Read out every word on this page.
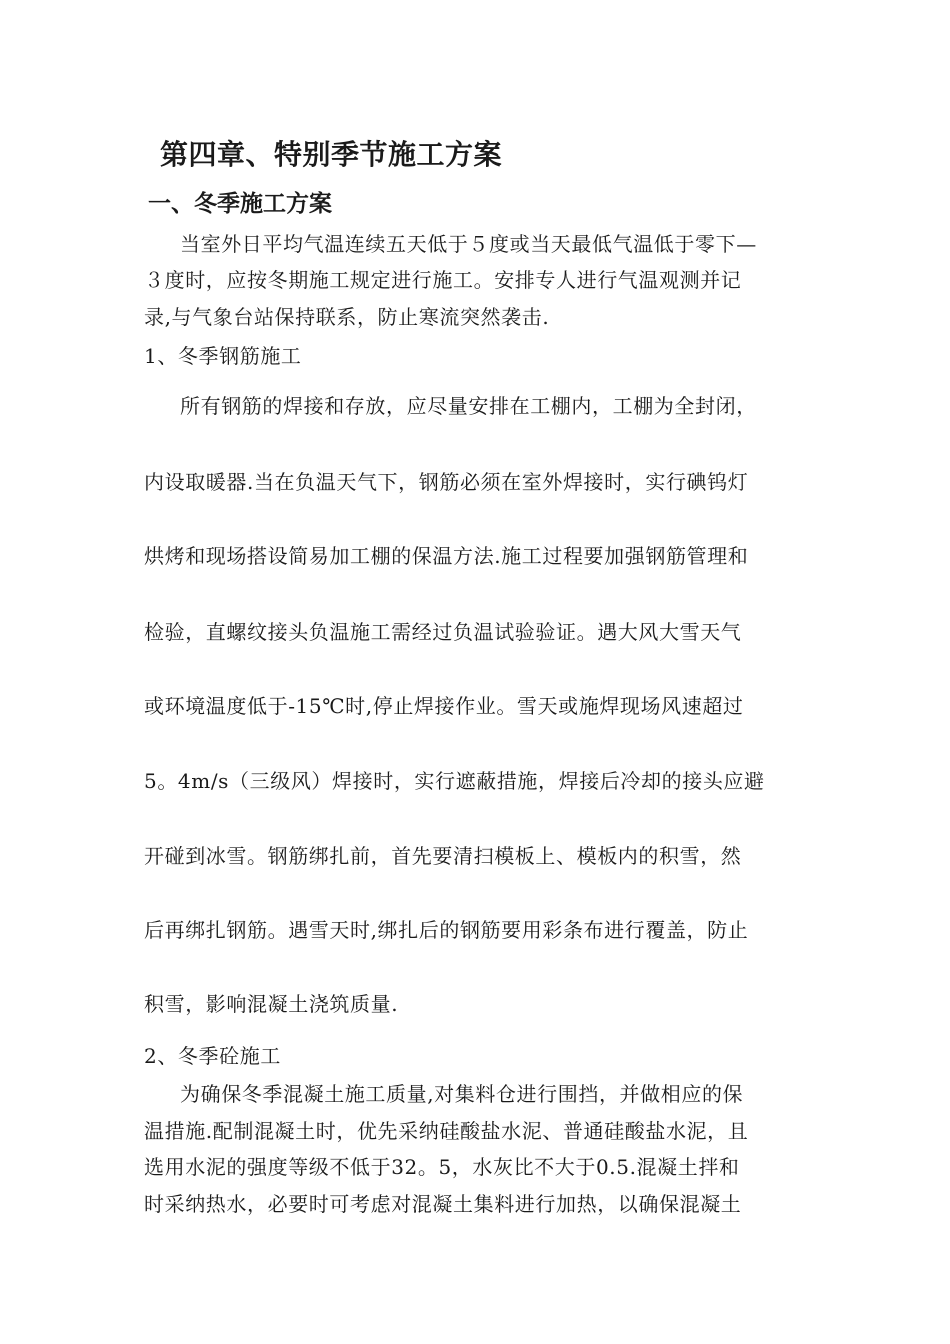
第四章、特别季节施工方案
一、冬季施工方案
当室外日平均气温连续五天低于５度或当天最低气温低于零下—
３度时，应按冬期施工规定进行施工。安排专人进行气温观测并记
录,与气象台站保持联系，防止寒流突然袭击.
1、冬季钢筋施工
所有钢筋的焊接和存放，应尽量安排在工棚内，工棚为全封闭，
内设取暖器.当在负温天气下，钢筋必须在室外焊接时，实行碘钨灯
烘烤和现场搭设简易加工棚的保温方法.施工过程要加强钢筋管理和
检验，直螺纹接头负温施工需经过负温试验验证。遇大风大雪天气
或环境温度低于-15℃时,停止焊接作业。雪天或施焊现场风速超过
5。4m/s（三级风）焊接时，实行遮蔽措施，焊接后冷却的接头应避
开碰到冰雪。钢筋绑扎前，首先要清扫模板上、模板内的积雪，然
后再绑扎钢筋。遇雪天时,绑扎后的钢筋要用彩条布进行覆盖，防止
积雪，影响混凝土浇筑质量.
2、冬季砼施工
为确保冬季混凝土施工质量,对集料仓进行围挡，并做相应的保
温措施.配制混凝土时，优先采纳硅酸盐水泥、普通硅酸盐水泥，且
选用水泥的强度等级不低于32。5，水灰比不大于0.5.混凝土拌和
时采纳热水，必要时可考虑对混凝土集料进行加热，以确保混凝土
